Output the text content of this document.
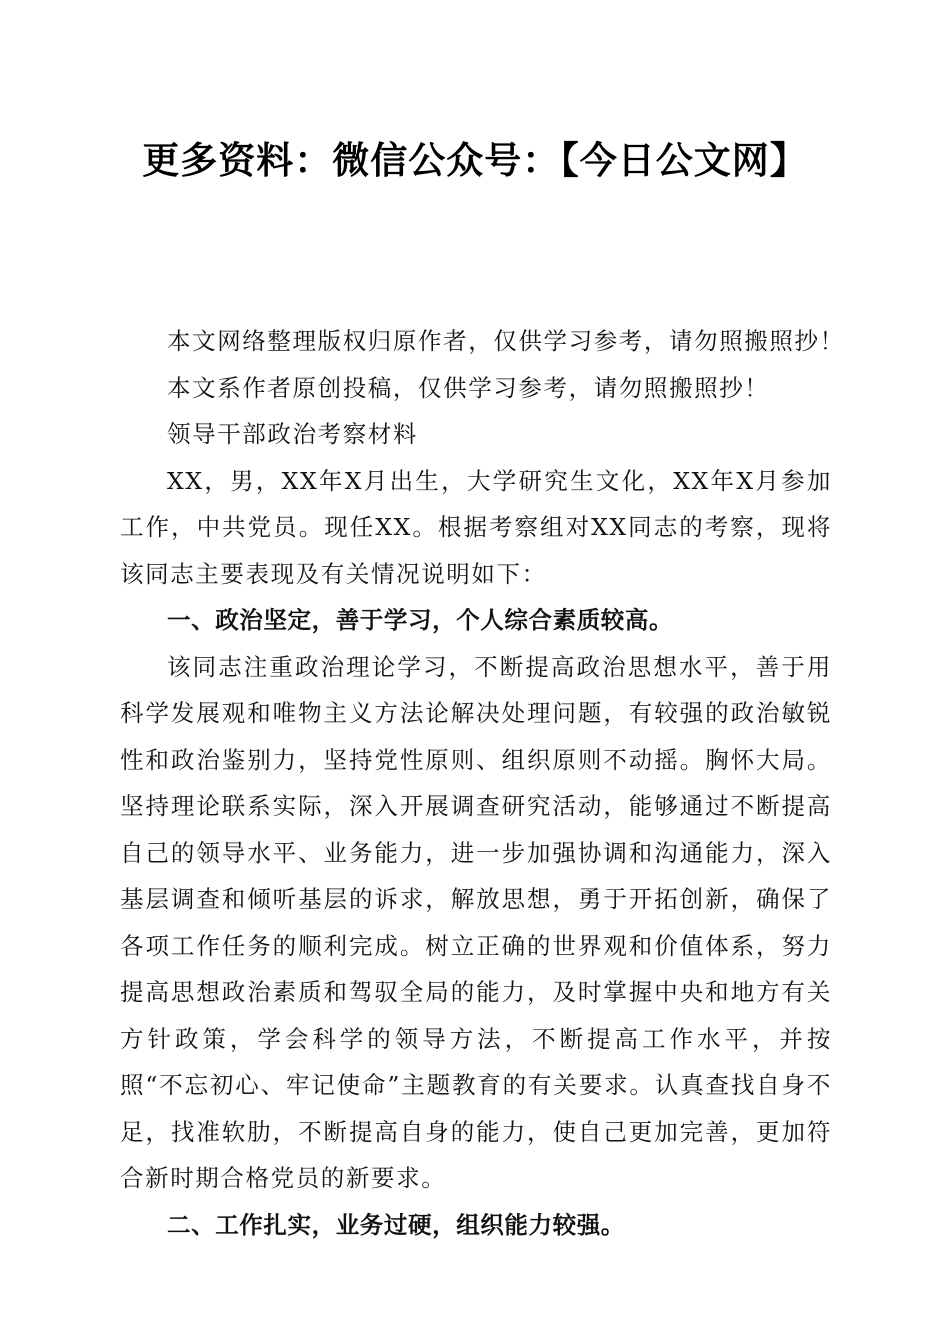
更多资料：微信公众号：【今日公文网】

本文网络整理版权归原作者，仅供学习参考，请勿照搬照抄！

本文系作者原创投稿，仅供学习参考，请勿照搬照抄！

领导干部政治考察材料

XX，男，XX年X月出生，大学研究生文化，XX年X月参加工作，中共党员。现任XX。根据考察组对XX同志的考察，现将该同志主要表现及有关情况说明如下：

一、政治坚定，善于学习，个人综合素质较高。

该同志注重政治理论学习，不断提高政治思想水平，善于用科学发展观和唯物主义方法论解决处理问题，有较强的政治敏锐性和政治鉴别力，坚持党性原则、组织原则不动摇。胸怀大局。坚持理论联系实际，深入开展调查研究活动，能够通过不断提高自己的领导水平、业务能力，进一步加强协调和沟通能力，深入基层调查和倾听基层的诉求，解放思想，勇于开拓创新，确保了各项工作任务的顺利完成。树立正确的世界观和价值体系，努力提高思想政治素质和驾驭全局的能力，及时掌握中央和地方有关方针政策，学会科学的领导方法，不断提高工作水平，并按照“不忘初心、牢记使命”主题教育的有关要求。认真查找自身不足，找准软肋，不断提高自身的能力，使自己更加完善，更加符合新时期合格党员的新要求。

二、工作扎实，业务过硬，组织能力较强。
